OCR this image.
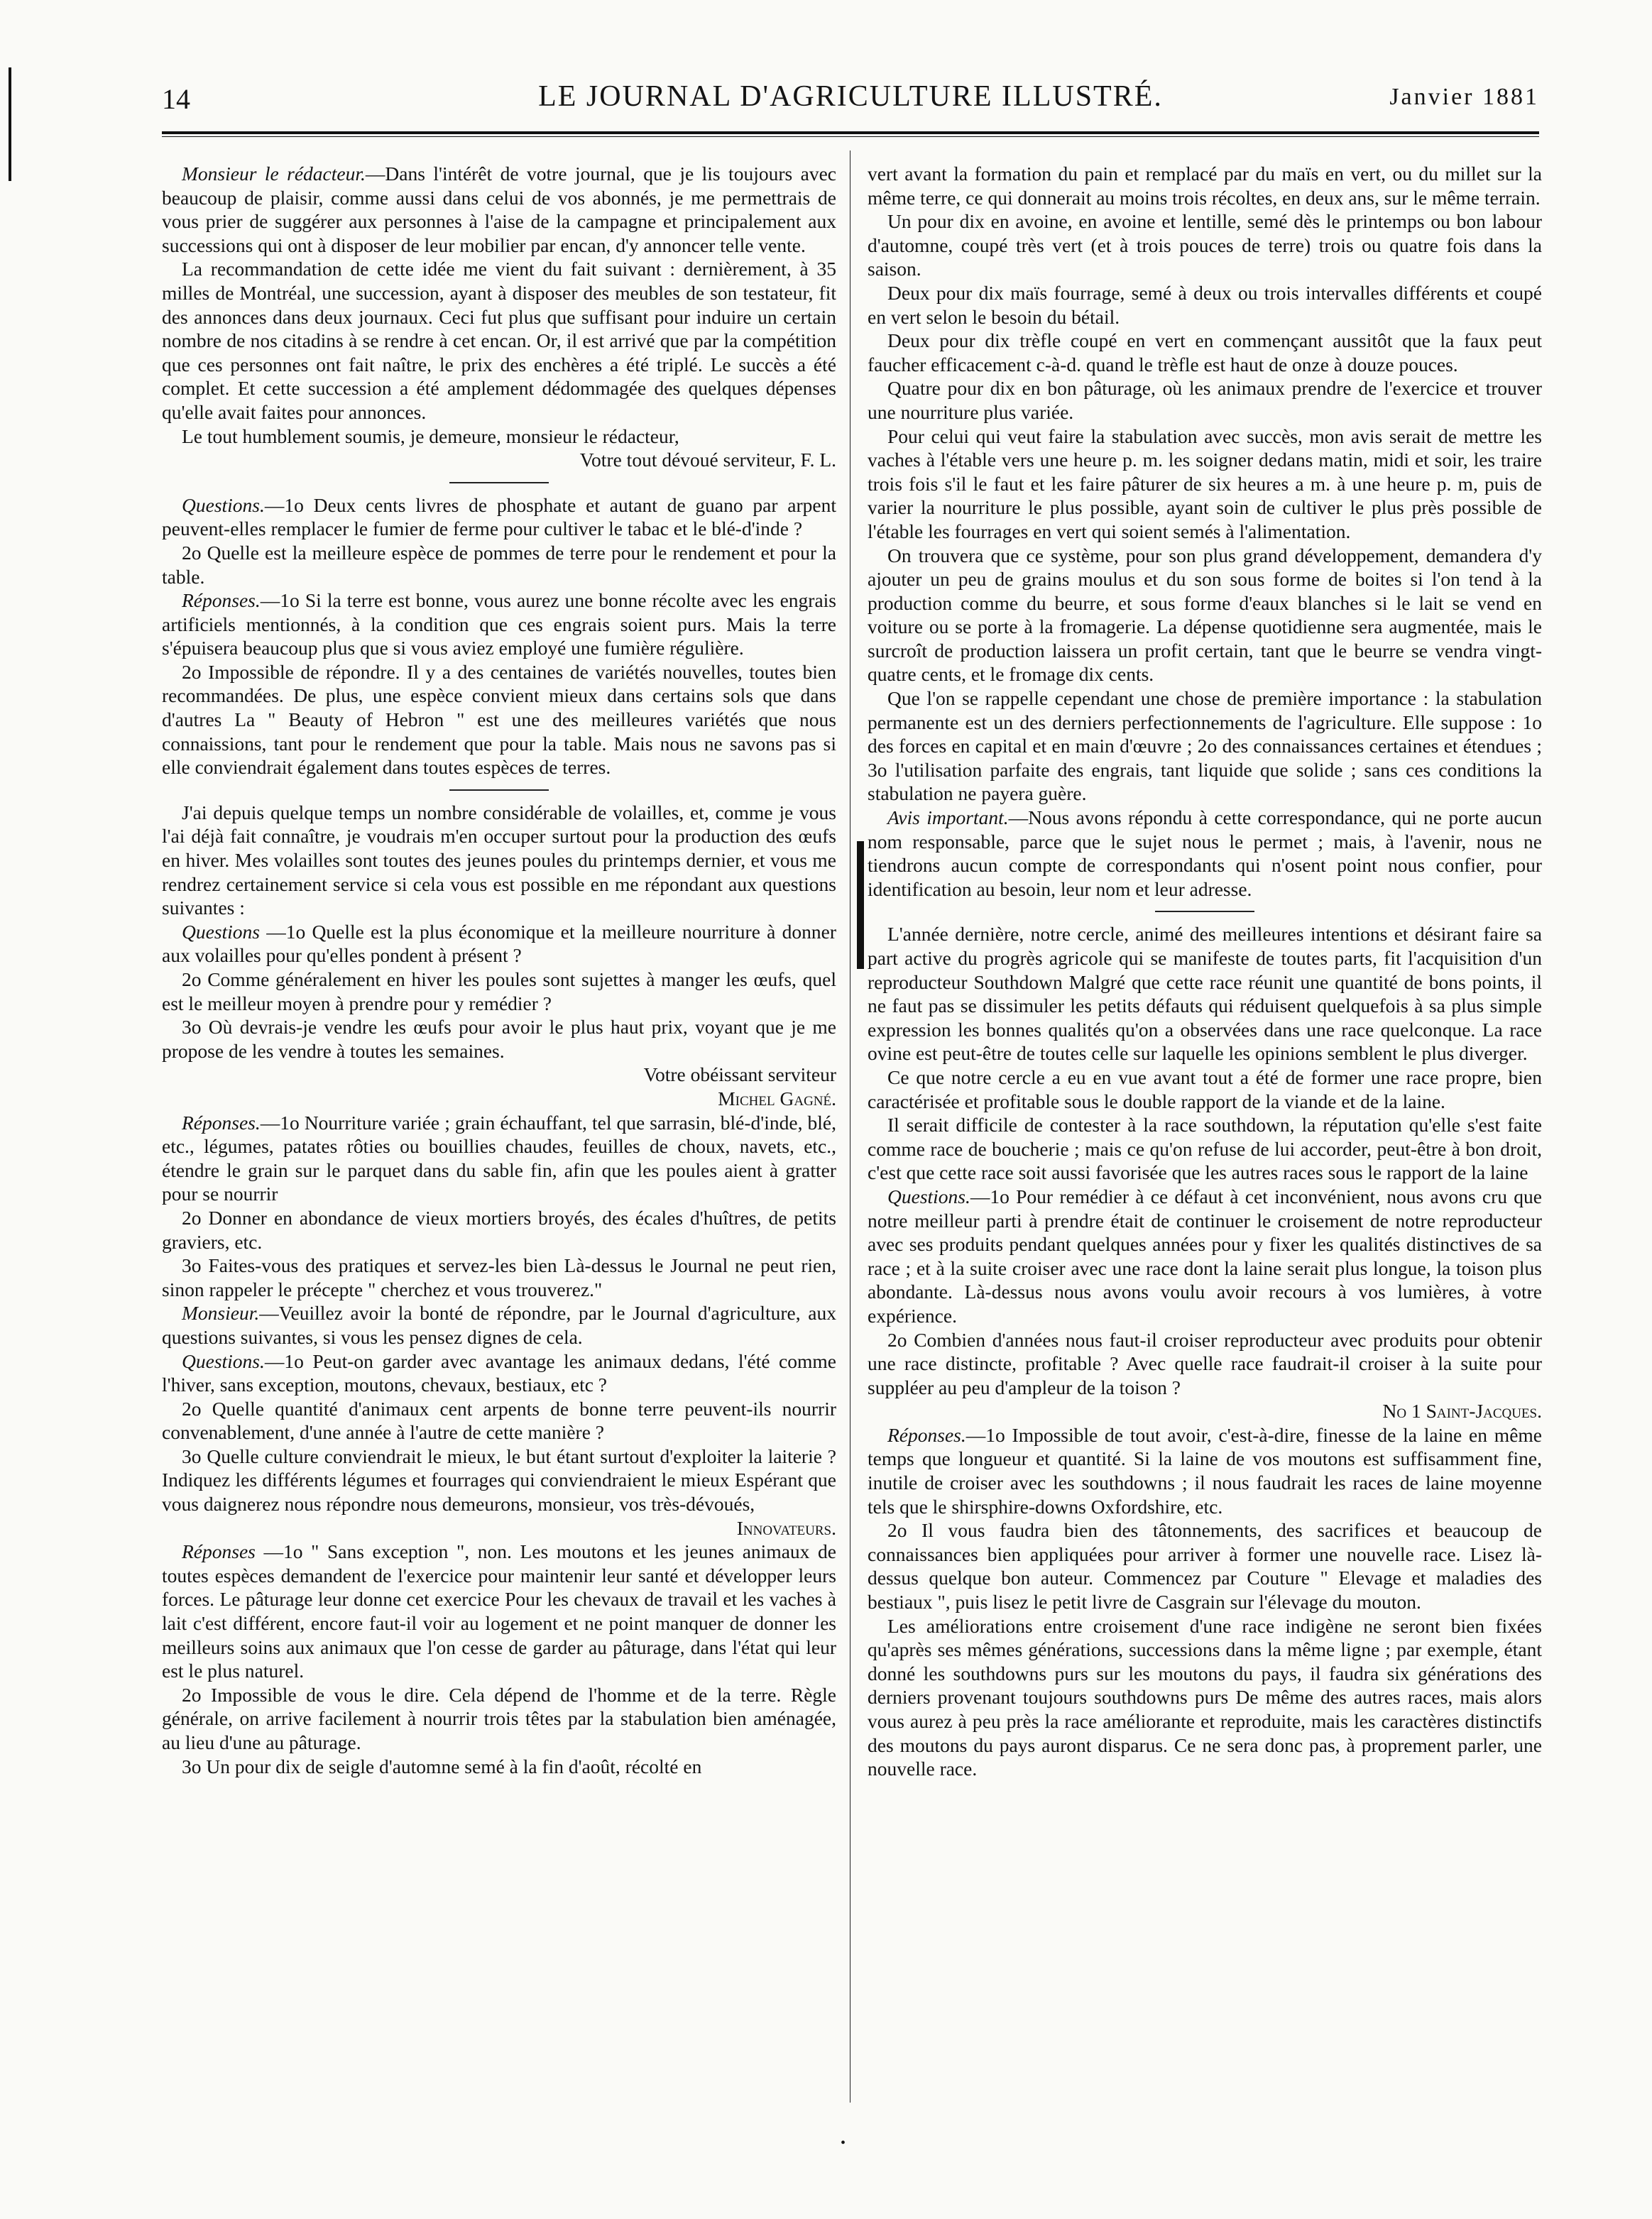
14	LE JOURNAL D'AGRICULTURE ILLUSTRÉ.	Janvier 1881

Monsieur le rédacteur.—Dans l'intérêt de votre journal, que je lis toujours avec beaucoup de plaisir, comme aussi dans celui de vos abonnés, je me permettrais de vous prier de suggérer aux personnes à l'aise de la campagne et principalement aux successions qui ont à disposer de leur mobilier par encan, d'y annoncer telle vente.

La recommandation de cette idée me vient du fait suivant : dernièrement, à 35 milles de Montréal, une succession, ayant à disposer des meubles de son testateur, fit des annonces dans deux journaux. Ceci fut plus que suffisant pour induire un certain nombre de nos citadins à se rendre à cet encan. Or, il est arrivé que par la compétition que ces personnes ont fait naître, le prix des enchères a été triplé. Le succès a été complet. Et cette succession a été amplement dédommagée des quelques dépenses qu'elle avait faites pour annonces.

Le tout humblement soumis, je demeure, monsieur le rédacteur,

Votre tout dévoué serviteur, F. L.

Questions.—1o Deux cents livres de phosphate et autant de guano par arpent peuvent-elles remplacer le fumier de ferme pour cultiver le tabac et le blé-d'inde ?

2o Quelle est la meilleure espèce de pommes de terre pour le rendement et pour la table.

Réponses.—1o Si la terre est bonne, vous aurez une bonne récolte avec les engrais artificiels mentionnés, à la condition que ces engrais soient purs. Mais la terre s'épuisera beaucoup plus que si vous aviez employé une fumière régulière.

2o Impossible de répondre. Il y a des centaines de variétés nouvelles, toutes bien recommandées. De plus, une espèce convient mieux dans certains sols que dans d'autres La " Beauty of Hebron " est une des meilleures variétés que nous connaissions, tant pour le rendement que pour la table. Mais nous ne savons pas si elle conviendrait également dans toutes espèces de terres.

J'ai depuis quelque temps un nombre considérable de volailles, et, comme je vous l'ai déjà fait connaître, je voudrais m'en occuper surtout pour la production des œufs en hiver. Mes volailles sont toutes des jeunes poules du printemps dernier, et vous me rendrez certainement service si cela vous est possible en me répondant aux questions suivantes :

Questions —1o Quelle est la plus économique et la meilleure nourriture à donner aux volailles pour qu'elles pondent à présent ?

2o Comme généralement en hiver les poules sont sujettes à manger les œufs, quel est le meilleur moyen à prendre pour y remédier ?

3o Où devrais-je vendre les œufs pour avoir le plus haut prix, voyant que je me propose de les vendre à toutes les semaines.

Votre obéissant serviteur

Michel Gagné.

Réponses.—1o Nourriture variée ; grain échauffant, tel que sarrasin, blé-d'inde, blé, etc., légumes, patates rôties ou bouillies chaudes, feuilles de choux, navets, etc., étendre le grain sur le parquet dans du sable fin, afin que les poules aient à gratter pour se nourrir

2o Donner en abondance de vieux mortiers broyés, des écales d'huîtres, de petits graviers, etc.

3o Faites-vous des pratiques et servez-les bien Là-dessus le Journal ne peut rien, sinon rappeler le précepte " cherchez et vous trouverez."

Monsieur.—Veuillez avoir la bonté de répondre, par le Journal d'agriculture, aux questions suivantes, si vous les pensez dignes de cela.

Questions.—1o Peut-on garder avec avantage les animaux dedans, l'été comme l'hiver, sans exception, moutons, chevaux, bestiaux, etc ?

2o Quelle quantité d'animaux cent arpents de bonne terre peuvent-ils nourrir convenablement, d'une année à l'autre de cette manière ?

3o Quelle culture conviendrait le mieux, le but étant surtout d'exploiter la laiterie ? Indiquez les différents légumes et fourrages qui conviendraient le mieux Espérant que vous daignerez nous répondre nous demeurons, monsieur, vos très-dévoués,

Innovateurs.

Réponses —1o " Sans exception ", non. Les moutons et les jeunes animaux de toutes espèces demandent de l'exercice pour maintenir leur santé et développer leurs forces. Le pâturage leur donne cet exercice Pour les chevaux de travail et les vaches à lait c'est différent, encore faut-il voir au logement et ne point manquer de donner les meilleurs soins aux animaux que l'on cesse de garder au pâturage, dans l'état qui leur est le plus naturel.

2o Impossible de vous le dire. Cela dépend de l'homme et de la terre. Règle générale, on arrive facilement à nourrir trois têtes par la stabulation bien aménagée, au lieu d'une au pâturage.

3o Un pour dix de seigle d'automne semé à la fin d'août, récolté en

vert avant la formation du pain et remplacé par du maïs en vert, ou du millet sur la même terre, ce qui donnerait au moins trois récoltes, en deux ans, sur le même terrain.

Un pour dix en avoine, en avoine et lentille, semé dès le printemps ou bon labour d'automne, coupé très vert (et à trois pouces de terre) trois ou quatre fois dans la saison.

Deux pour dix maïs fourrage, semé à deux ou trois intervalles différents et coupé en vert selon le besoin du bétail.

Deux pour dix trèfle coupé en vert en commençant aussitôt que la faux peut faucher efficacement c-à-d. quand le trèfle est haut de onze à douze pouces.

Quatre pour dix en bon pâturage, où les animaux prendre de l'exercice et trouver une nourriture plus variée.

Pour celui qui veut faire la stabulation avec succès, mon avis serait de mettre les vaches à l'étable vers une heure p. m. les soigner dedans matin, midi et soir, les traire trois fois s'il le faut et les faire pâturer de six heures a m. à une heure p. m, puis de varier la nourriture le plus possible, ayant soin de cultiver le plus près possible de l'étable les fourrages en vert qui soient semés à l'alimentation.

On trouvera que ce système, pour son plus grand développement, demandera d'y ajouter un peu de grains moulus et du son sous forme de boites si l'on tend à la production comme du beurre, et sous forme d'eaux blanches si le lait se vend en voiture ou se porte à la fromagerie. La dépense quotidienne sera augmentée, mais le surcroît de production laissera un profit certain, tant que le beurre se vendra vingt-quatre cents, et le fromage dix cents.

Que l'on se rappelle cependant une chose de première importance : la stabulation permanente est un des derniers perfectionnements de l'agriculture. Elle suppose : 1o des forces en capital et en main d'œuvre ; 2o des connaissances certaines et étendues ; 3o l'utilisation parfaite des engrais, tant liquide que solide ; sans ces conditions la stabulation ne payera guère.

Avis important.—Nous avons répondu à cette correspondance, qui ne porte aucun nom responsable, parce que le sujet nous le permet ; mais, à l'avenir, nous ne tiendrons aucun compte de correspondants qui n'osent point nous confier, pour identification au besoin, leur nom et leur adresse.

L'année dernière, notre cercle, animé des meilleures intentions et désirant faire sa part active du progrès agricole qui se manifeste de toutes parts, fit l'acquisition d'un reproducteur Southdown Malgré que cette race réunit une quantité de bons points, il ne faut pas se dissimuler les petits défauts qui réduisent quelquefois à sa plus simple expression les bonnes qualités qu'on a observées dans une race quelconque. La race ovine est peut-être de toutes celle sur laquelle les opinions semblent le plus diverger.

Ce que notre cercle a eu en vue avant tout a été de former une race propre, bien caractérisée et profitable sous le double rapport de la viande et de la laine.

Il serait difficile de contester à la race southdown, la réputation qu'elle s'est faite comme race de boucherie ; mais ce qu'on refuse de lui accorder, peut-être à bon droit, c'est que cette race soit aussi favorisée que les autres races sous le rapport de la laine

Questions.—1o Pour remédier à ce défaut à cet inconvénient, nous avons cru que notre meilleur parti à prendre était de continuer le croisement de notre reproducteur avec ses produits pendant quelques années pour y fixer les qualités distinctives de sa race ; et à la suite croiser avec une race dont la laine serait plus longue, la toison plus abondante. Là-dessus nous avons voulu avoir recours à vos lumières, à votre expérience.

2o Combien d'années nous faut-il croiser reproducteur avec produits pour obtenir une race distincte, profitable ? Avec quelle race faudrait-il croiser à la suite pour suppléer au peu d'ampleur de la toison ?

No 1 Saint-Jacques.

Réponses.—1o Impossible de tout avoir, c'est-à-dire, finesse de la laine en même temps que longueur et quantité. Si la laine de vos moutons est suffisamment fine, inutile de croiser avec les southdowns ; il nous faudrait les races de laine moyenne tels que le shirsphire-downs Oxfordshire, etc.

2o Il vous faudra bien des tâtonnements, des sacrifices et beaucoup de connaissances bien appliquées pour arriver à former une nouvelle race. Lisez là-dessus quelque bon auteur. Commencez par Couture " Elevage et maladies des bestiaux ", puis lisez le petit livre de Casgrain sur l'élevage du mouton.

Les améliorations entre croisement d'une race indigène ne seront bien fixées qu'après ses mêmes générations, successions dans la même ligne ; par exemple, étant donné les southdowns purs sur les moutons du pays, il faudra six générations des derniers provenant toujours southdowns purs De même des autres races, mais alors vous aurez à peu près la race améliorante et reproduite, mais les caractères distinctifs des moutons du pays auront disparus. Ce ne sera donc pas, à proprement parler, une nouvelle race.

•
